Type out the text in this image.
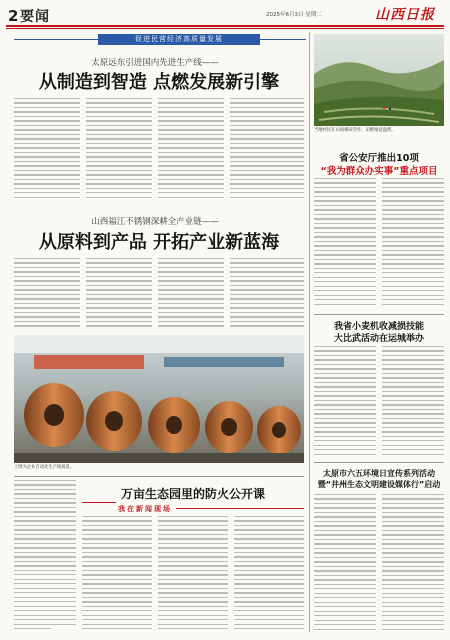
2 要闻	2025年6月3日 星期二	山西日报
促进民营经济高质量发展
太原远东引进国内先进生产线——
从制造到智造 点燃发展新引擎
山西福江不锈钢深耕全产业链——
从原料到产品 开拓产业新蓝海
上图为企业自动化生产线场景。
万亩生态园里的防火公开课
我在新闻现场
当地村民在山间梯田劳作，田野绿意盎然。
省公安厅推出10项
“我为群众办实事”重点项目
我省小麦机收减损技能
大比武活动在运城举办
太原市六五环境日宣传系列活动
暨“井州生态文明建设媒体行”启动
